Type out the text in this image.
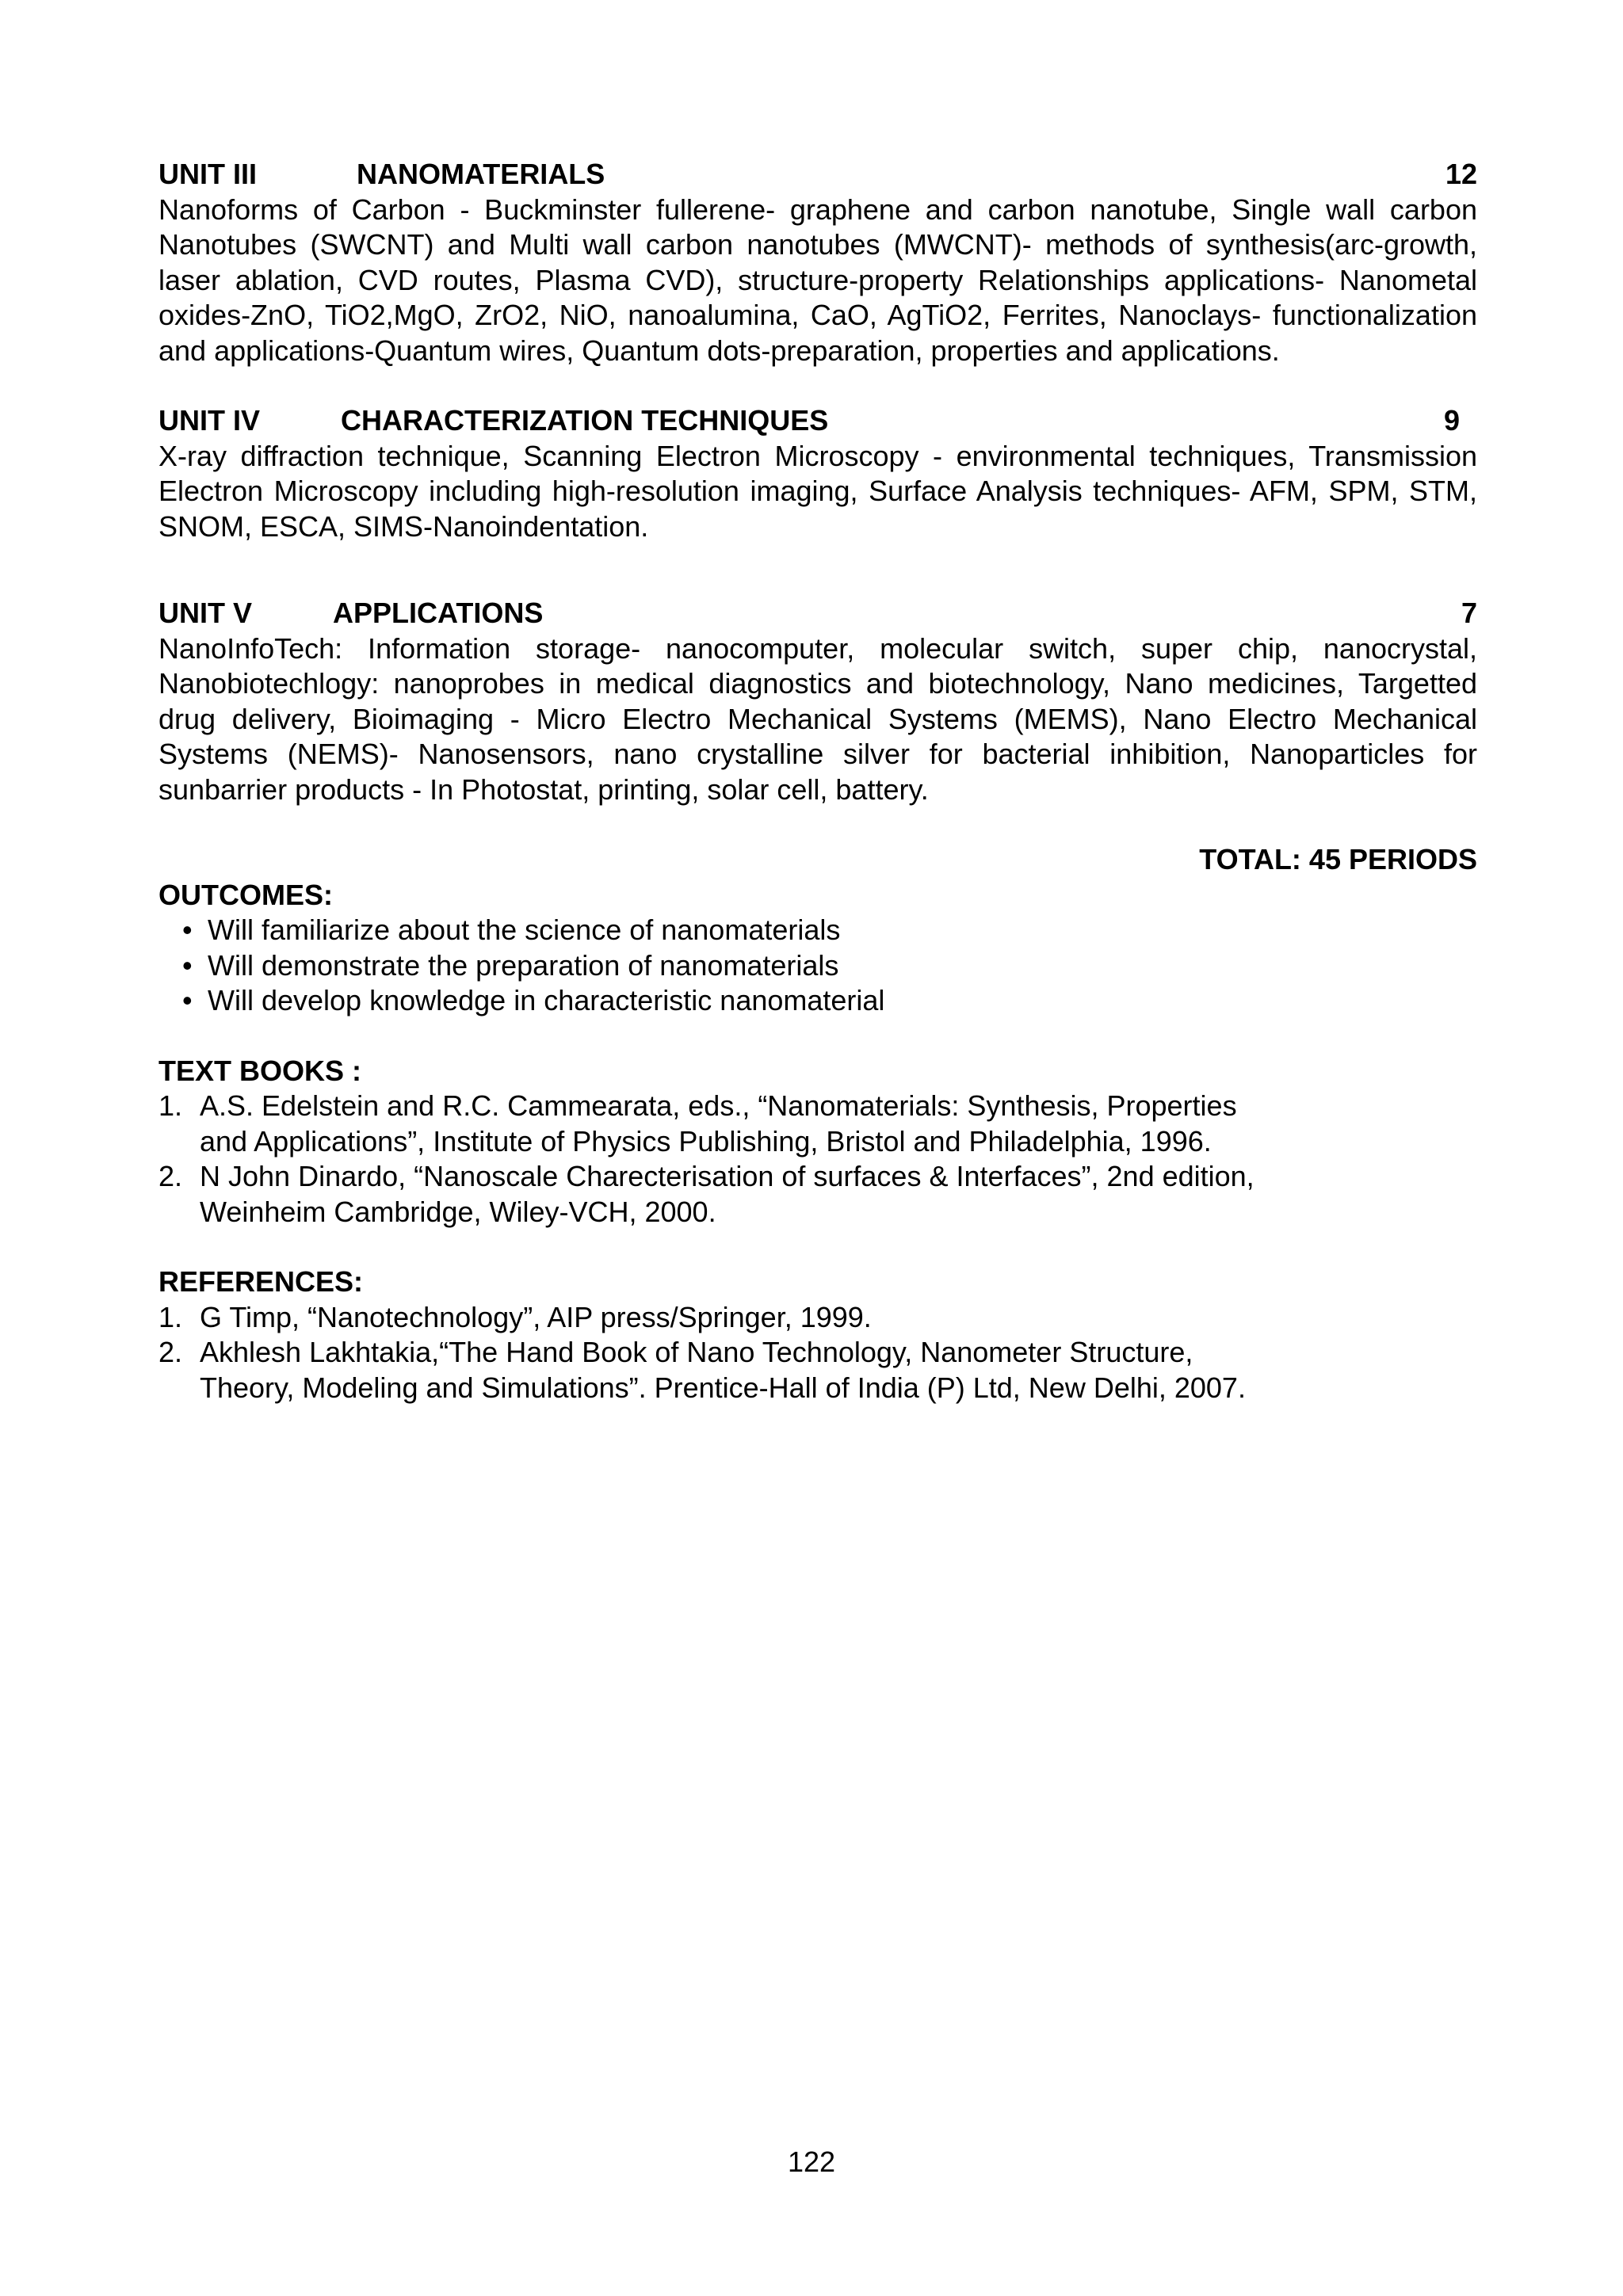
UNIT III	NANOMATERIALS	12

Nanoforms of Carbon - Buckminster fullerene- graphene and carbon nanotube, Single wall carbon Nanotubes (SWCNT) and Multi wall carbon nanotubes (MWCNT)- methods of synthesis(arc-growth, laser ablation, CVD routes, Plasma CVD), structure-property Relationships applications- Nanometal oxides-ZnO, TiO2,MgO, ZrO2, NiO, nanoalumina, CaO, AgTiO2, Ferrites, Nanoclays- functionalization and applications-Quantum wires, Quantum dots-preparation, properties and applications.

UNIT IV	CHARACTERIZATION TECHNIQUES	9

X-ray diffraction technique, Scanning Electron Microscopy - environmental techniques, Transmission Electron Microscopy including high-resolution imaging, Surface Analysis techniques- AFM, SPM, STM, SNOM, ESCA, SIMS-Nanoindentation.

UNIT V	APPLICATIONS	7

NanoInfoTech: Information storage- nanocomputer, molecular switch, super chip, nanocrystal, Nanobiotechlogy: nanoprobes in medical diagnostics and biotechnology, Nano medicines, Targetted drug delivery, Bioimaging - Micro Electro Mechanical Systems (MEMS), Nano Electro Mechanical Systems (NEMS)- Nanosensors, nano crystalline silver for bacterial inhibition, Nanoparticles for sunbarrier products - In Photostat, printing, solar cell, battery.

TOTAL: 45 PERIODS
OUTCOMES:
• Will familiarize about the science of nanomaterials
• Will demonstrate the preparation of nanomaterials
• Will develop knowledge in characteristic nanomaterial
TEXT BOOKS :
1. A.S. Edelstein and R.C. Cammearata, eds., “Nanomaterials: Synthesis, Properties
and Applications”, Institute of Physics Publishing, Bristol and Philadelphia, 1996.
2. N John Dinardo, “Nanoscale Charecterisation of surfaces & Interfaces”, 2nd edition,
Weinheim Cambridge, Wiley-VCH, 2000.
REFERENCES:
1. G Timp, “Nanotechnology”, AIP press/Springer, 1999.
2. Akhlesh Lakhtakia,“The Hand Book of Nano Technology, Nanometer Structure,
Theory, Modeling and Simulations”. Prentice-Hall of India (P) Ltd, New Delhi, 2007.
122
